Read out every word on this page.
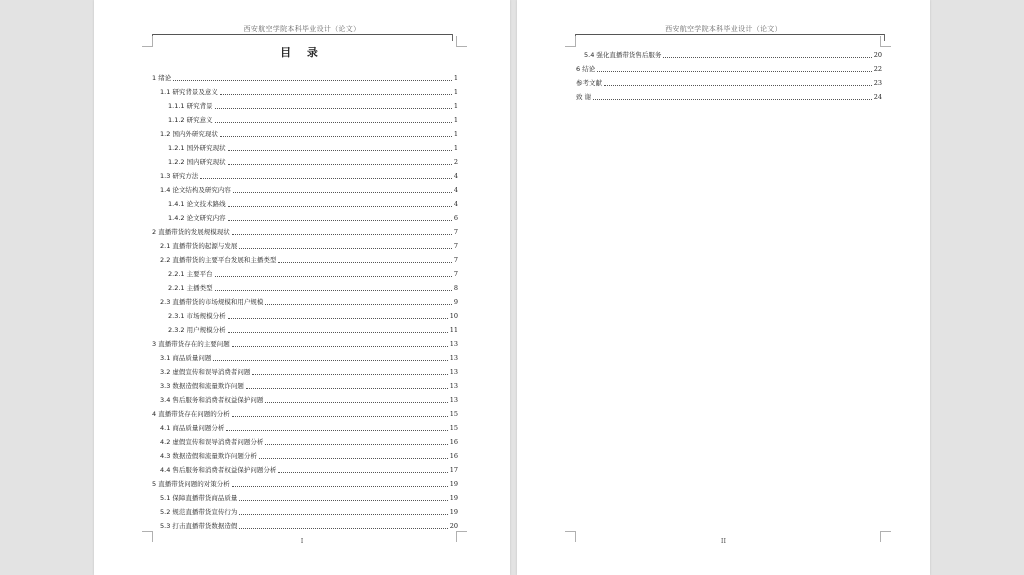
西安航空学院本科毕业设计（论文）
目 录
1 绪论	1
1.1 研究背景及意义	1
1.1.1 研究背景	1
1.1.2 研究意义	1
1.2 国内外研究现状	1
1.2.1 国外研究现状	1
1.2.2 国内研究现状	2
1.3 研究方法	4
1.4 论文结构及研究内容	4
1.4.1 论文技术路线	4
1.4.2 论文研究内容	6
2 直播带货的发展规模现状	7
2.1 直播带货的起源与发展	7
2.2 直播带货的主要平台发展和主播类型	7
2.2.1 主要平台	7
2.2.1 主播类型	8
2.3 直播带货的市场规模和用户规模	9
2.3.1 市场规模分析	10
2.3.2 用户规模分析	11
3 直播带货存在的主要问题	13
3.1 商品质量问题	13
3.2 虚假宣传和误导消费者问题	13
3.3 数据造假和流量欺诈问题	13
3.4 售后服务和消费者权益保护问题	13
4 直播带货存在问题的分析	15
4.1 商品质量问题分析	15
4.2 虚假宣传和误导消费者问题分析	16
4.3 数据造假和流量欺诈问题分析	16
4.4 售后服务和消费者权益保护问题分析	17
5 直播带货问题的对策分析	19
5.1 保障直播带货商品质量	19
5.2 规范直播带货宣传行为	19
5.3 打击直播带货数据造假	20
I
西安航空学院本科毕业设计（论文）
5.4 强化直播带货售后服务	20
6 结论	22
参考文献	23
致 谢	24
II
